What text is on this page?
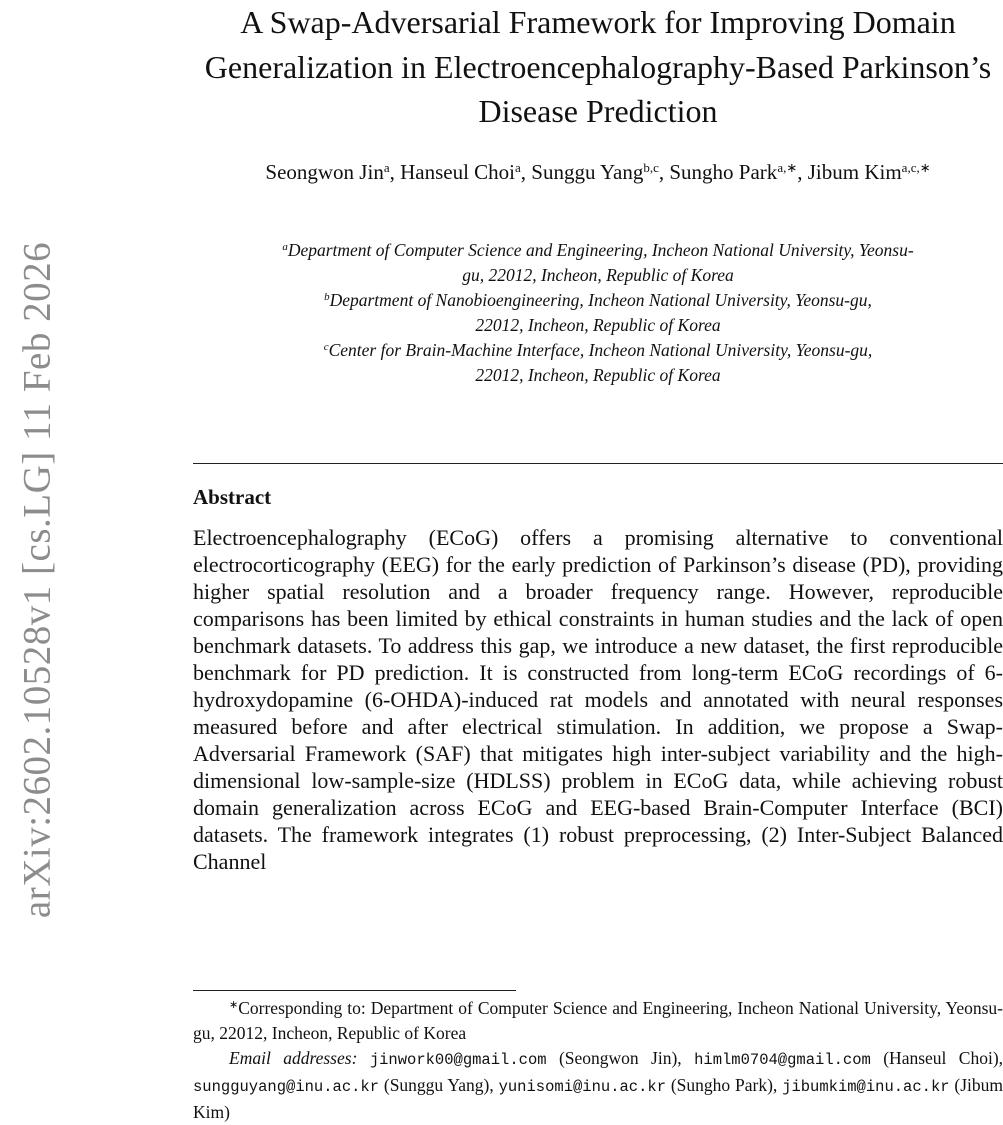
arXiv:2602.10528v1 [cs.LG] 11 Feb 2026
A Swap-Adversarial Framework for Improving Domain Generalization in Electroencephalography-Based Parkinson’s Disease Prediction
Seongwon Jin$^a$, Hanseul Choi$^a$, Sunggu Yang$^{b,c}$, Sungho Park$^{a,∗}$, Jibum Kim$^{a,c,∗}$
$^a$Department of Computer Science and Engineering, Incheon National University, Yeonsu-gu, 22012, Incheon, Republic of Korea
$^b$Department of Nanobioengineering, Incheon National University, Yeonsu-gu, 22012, Incheon, Republic of Korea
$^c$Center for Brain-Machine Interface, Incheon National University, Yeonsu-gu, 22012, Incheon, Republic of Korea
Abstract

Electroencephalography (ECoG) offers a promising alternative to conventional electrocorticography (EEG) for the early prediction of Parkinson’s disease (PD), providing higher spatial resolution and a broader frequency range. However, reproducible comparisons has been limited by ethical constraints in human studies and the lack of open benchmark datasets. To address this gap, we introduce a new dataset, the first reproducible benchmark for PD prediction. It is constructed from long-term ECoG recordings of 6-hydroxydopamine (6-OHDA)-induced rat models and annotated with neural responses measured before and after electrical stimulation. In addition, we propose a Swap-Adversarial Framework (SAF) that mitigates high inter-subject variability and the high-dimensional low-sample-size (HDLSS) problem in ECoG data, while achieving robust domain generalization across ECoG and EEG-based Brain-Computer Interface (BCI) datasets. The framework integrates (1) robust preprocessing, (2) Inter-Subject Balanced Channel

∗Corresponding to: Department of Computer Science and Engineering, Incheon National University, Yeonsu-gu, 22012, Incheon, Republic of Korea

Email addresses: jinwork00@gmail.com (Seongwon Jin), himlm0704@gmail.com (Hanseul Choi), sungguyang@inu.ac.kr (Sunggu Yang), yunisomi@inu.ac.kr (Sungho Park), jibumkim@inu.ac.kr (Jibum Kim)
